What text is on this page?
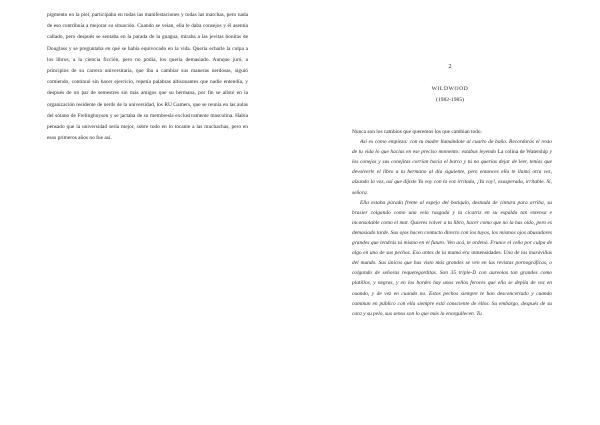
pigmento en la piel, participaba en todas las manifestaciones y todas las marchas, pero nada de eso contribuía a mejorar su situación. Cuando se veían, ella le daba consejos y él asentía callado, pero después se sentaba en la parada de la guagua, miraba a las jevitas bonitas de Douglass y se preguntaba en qué se había equivocado en la vida. Quería echarle la culpa a los libros, a la ciencia ficción, pero no podía, los quería demasiado. Aunque juró, a principios de su carrera universitaria, que iba a cambiar sus maneras nerdosas, siguió comiendo, continuó sin hacer ejercicio, repetía palabras altisonantes que nadie entendía, y después de un par de semestres sin más amigos que su hermana, por fin se alistó en la organización residente de nerds de la universidad, los RU Gamers, que se reunía en las aulas del sótano de Frelinghuysen y se jactaba de su membresía exclusivamente masculina. Había pensado que la universidad sería mejor, sobre todo en lo tocante a las muchachas, pero en esos primeros años no fue así.
2
WILDWOOD
(1982-1985)

Nunca son los cambios que queremos los que cambian todo.

Así es como empieza: con tu madre llamándote al cuarto de baño. Recordarás el resto de tu vida lo que hacías en ese preciso momento: estabas leyendo La colina de Watership y los conejos y sus conejitas corrían hacia el barco y tú no querías dejar de leer, tenías que devolverle el libro a tu hermano al día siguiente, pero entonces ella te llamó otra vez, alzando la voz, así que dijiste Ya voy con la voz irritada, ¡Ya voy!, exasperada, irritable. Sí, señora.

Ella estaba parada frente al espejo del botiquín, desnuda de cintura para arriba, su brasier colgando como una vela rasgada y la cicatriz en su espalda tan extensa e inconsolable como el mar. Quieres volver a tu libro, hacer como que no la has oído, pero es demasiado tarde. Sus ojos hacen contacto directo con los tuyos, los mismos ojos abusadores grandes que tendrás tú mismo en el futuro. Ven acá, te ordenó. Frunce el ceño por culpa de algo en uno de sus pechos. Eso antes de la mamá era inmensidades. Una de las maravillas del mundo. Sus únicos que has visto más grandes se ven en las revistas pornográficas, o colgando de señoras requetegorditas. Son 35 triple-D con aureolas tan grandes como platillos, y negras, y en los bordes hay unos vellos feroces que ella se depila de vez en cuando, y de vez en cuando no. Estos pechos siempre te han desconcertado y cuando caminan en público con ella siempre está consciente de ellos. Su embargo, después de su cara y su pelo, sus senos son lo que más la enorgullecen. Tu
